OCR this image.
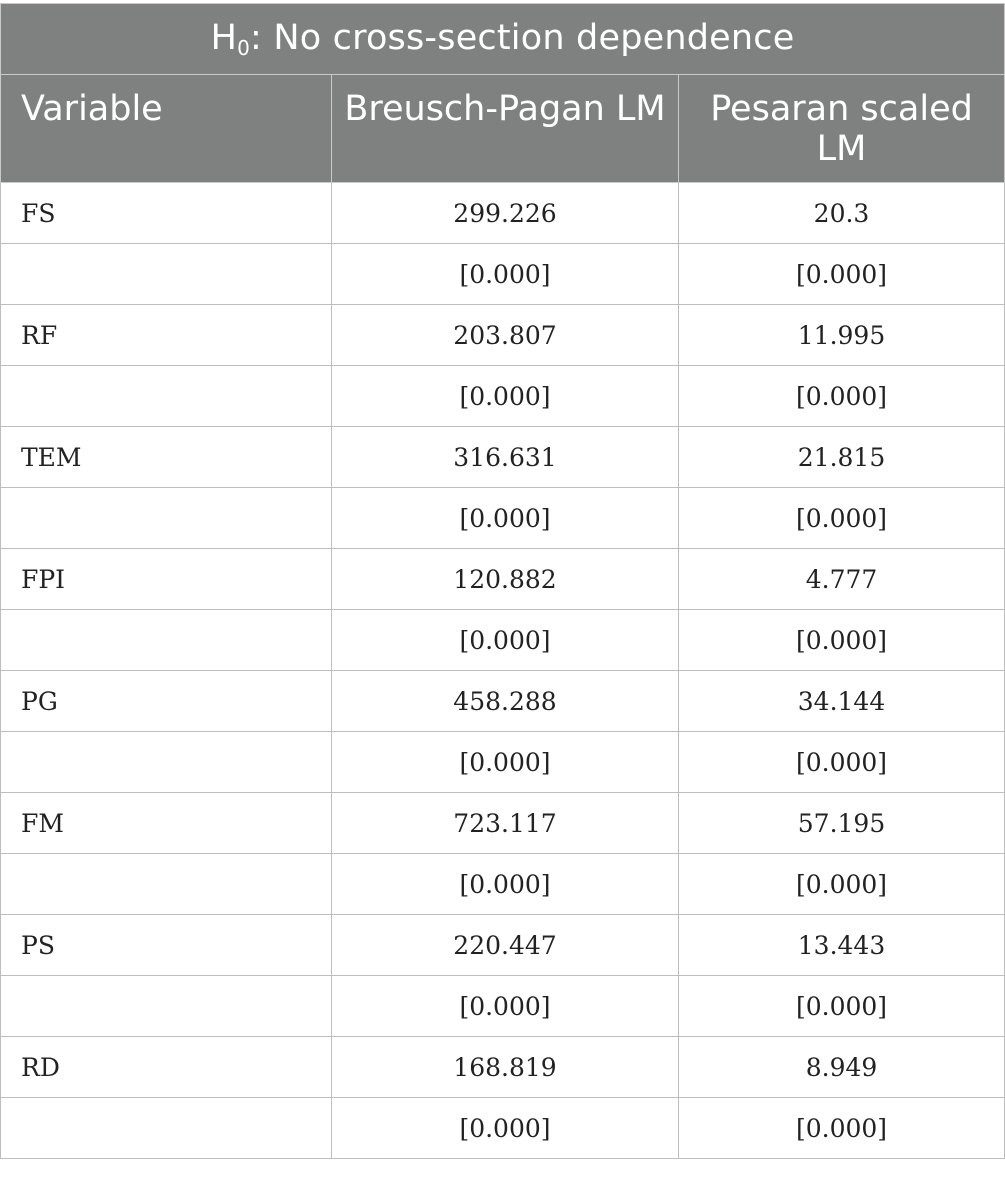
$H_0$: No cross-section dependence		
Variable	Breusch-Pagan LM	Pesaran scaled LM
FS	299.226	20.3
	[0.000]	[0.000]
RF	203.807	11.995
	[0.000]	[0.000]
TEM	316.631	21.815
	[0.000]	[0.000]
FPI	120.882	4.777
	[0.000]	[0.000]
PG	458.288	34.144
	[0.000]	[0.000]
FM	723.117	57.195
	[0.000]	[0.000]
PS	220.447	13.443
	[0.000]	[0.000]
RD	168.819	8.949
	[0.000]	[0.000]
